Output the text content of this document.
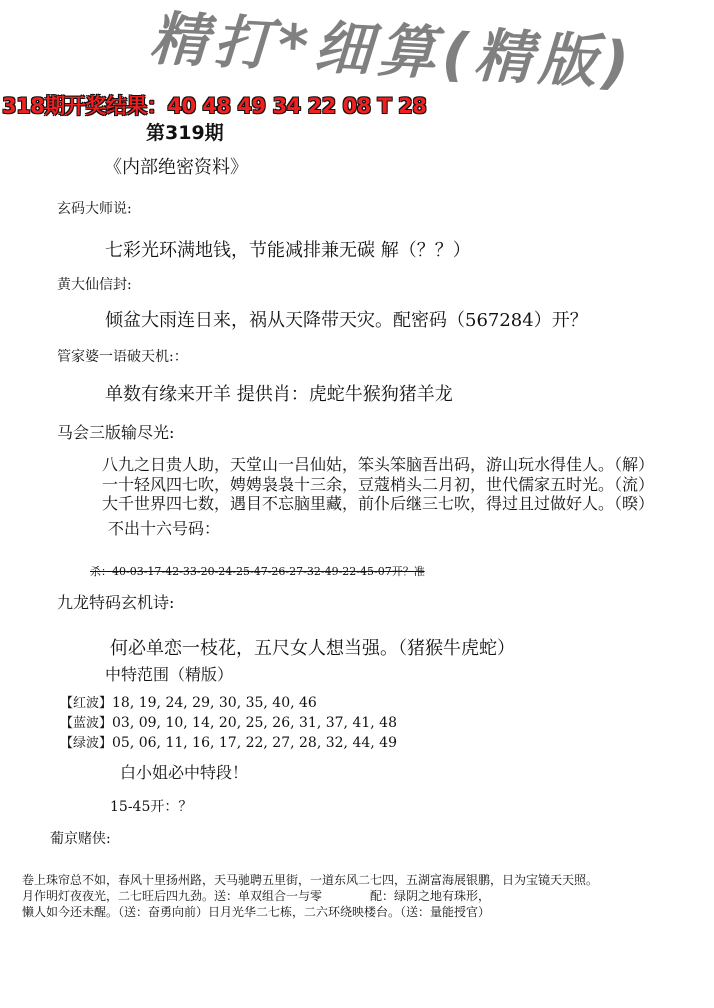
精打*细算(精版)
318期开奖结果：40 48 49 34 22 08 T 28
第319期
《内部绝密资料》
玄码大师说:
七彩光环满地钱，节能减排兼无碳 解（？？）
黄大仙信封:
倾盆大雨连日来，祸从天降带天灾。配密码（567284）开？
管家婆一语破天机:：
单数有缘来开羊 提供肖：虎蛇牛猴狗猪羊龙
马会三版输尽光:
八九之日贵人助，天堂山一吕仙姑，笨头笨脑吾出码，游山玩水得佳人。（解）
一十轻风四七吹，娉娉袅袅十三余，豆蔻梢头二月初，世代儒家五时光。（流）
大千世界四七数，遇目不忘脑里藏，前仆后继三七吹，得过且过做好人。（暌）
不出十六号码：
杀：40-03-17-42-33-20-24-25-47-26-27-32-49-22-45-07开？准
九龙特码玄机诗:
何必单恋一枝花，五尺女人想当强。（猪猴牛虎蛇）
中特范围（精版）
【红波】18, 19, 24, 29, 30, 35, 40, 46
【蓝波】03, 09, 10, 14, 20, 25, 26, 31, 37, 41, 48
【绿波】05, 06, 11, 16, 17, 22, 27, 28, 32, 44, 49
白小姐必中特段！
15-45开：？
葡京赌侠:
卷上珠帘总不如，春风十里扬州路，天马驰聘五里街，一道东风二七四，五湖富海展银鹏，日为宝镜天天照。
月作明灯夜夜光，二七旺后四九劲。送：单双组合一与零　　　　配：绿阴之地有珠形，
懒人如今还未醒。（送：奋勇向前）日月光华二七栋，二六环绕映楼台。（送：量能授官）
